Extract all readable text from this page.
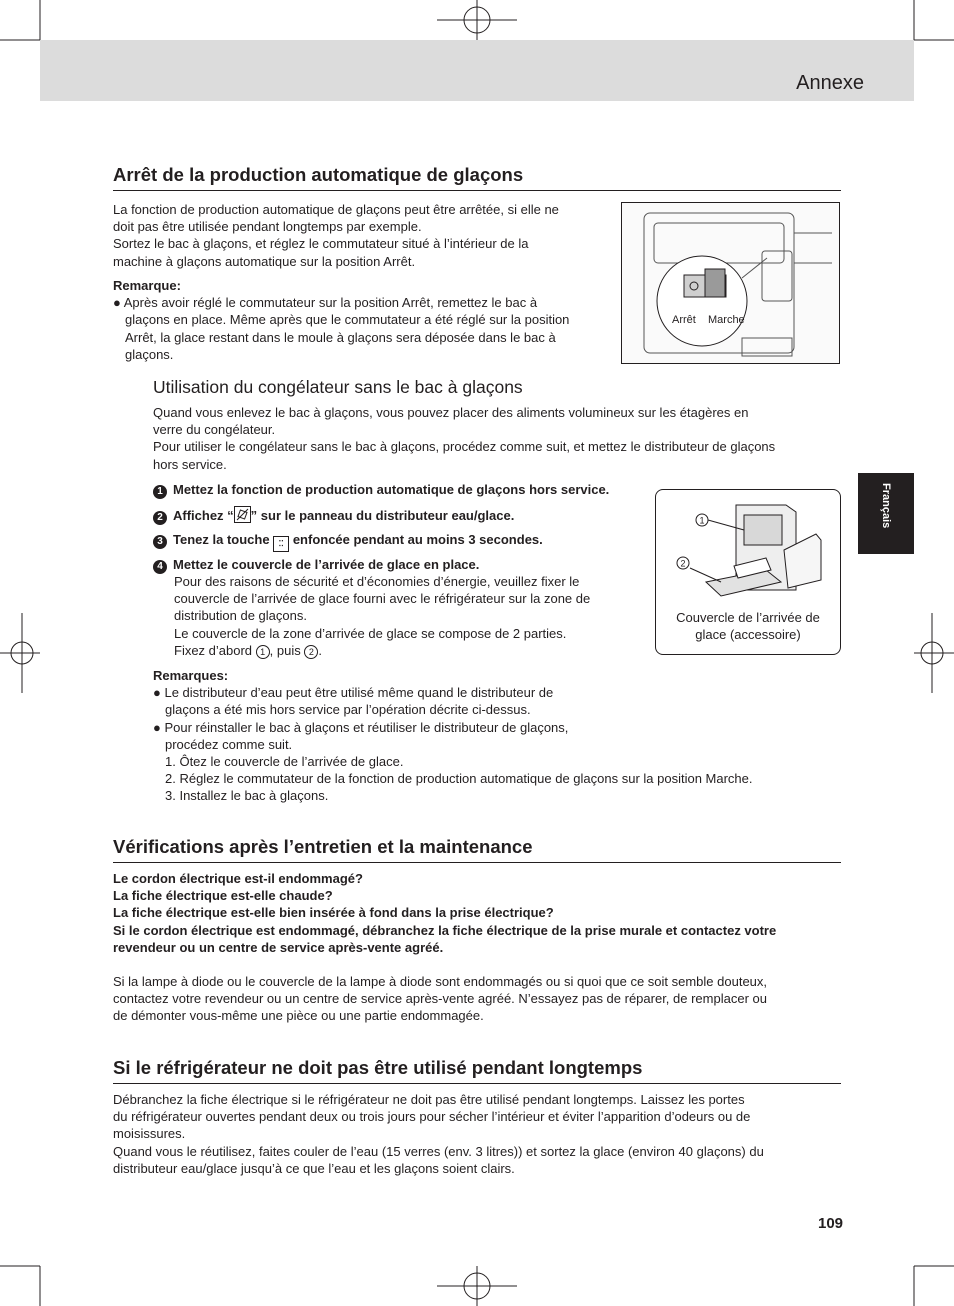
Annexe
Français
Arrêt de la production automatique de glaçons
La fonction de production automatique de glaçons peut être arrêtée, si elle ne
doit pas être utilisée pendant longtemps par exemple.
Sortez le bac à glaçons, et réglez le commutateur situé à l’intérieur de la
machine à glaçons automatique sur la position Arrêt.
Remarque:
● Après avoir réglé le commutateur sur la position Arrêt, remettez le bac à
glaçons en place. Même après que le commutateur a été réglé sur la position
Arrêt, la glace restant dans le moule à glaçons sera déposée dans le bac à
glaçons.
Arrêt Marche
Utilisation du congélateur sans le bac à glaçons
Quand vous enlevez le bac à glaçons, vous pouvez placer des aliments volumineux sur les étagères en
verre du congélateur.
Pour utiliser le congélateur sans le bac à glaçons, procédez comme suit, et mettez le distributeur de glaçons
hors service.
1 Mettez la fonction de production automatique de glaçons hors service.
2 Affichez “ ” sur le panneau du distributeur eau/glace.
3 Tenez la touche ⁚⁚ enfoncée pendant au moins 3 secondes.
4 Mettez le couvercle de l’arrivée de glace en place.
Pour des raisons de sécurité et d’économies d’énergie, veuillez fixer le
couvercle de l’arrivée de glace fourni avec le réfrigérateur sur la zone de
distribution de glaçons.
Le couvercle de la zone d’arrivée de glace se compose de 2 parties.
Fixez d’abord 1 , puis 2 .
1
2
Couvercle de l’arrivée de
glace (accessoire)
Remarques:
● Le distributeur d’eau peut être utilisé même quand le distributeur de
glaçons a été mis hors service par l’opération décrite ci-dessus.
● Pour réinstaller le bac à glaçons et réutiliser le distributeur de glaçons,
procédez comme suit.
1. Ôtez le couvercle de l’arrivée de glace.
2. Réglez le commutateur de la fonction de production automatique de glaçons sur la position Marche.
3. Installez le bac à glaçons.
Vérifications après l’entretien et la maintenance
Le cordon électrique est-il endommagé?
La fiche électrique est-elle chaude?
La fiche électrique est-elle bien insérée à fond dans la prise électrique?
Si le cordon électrique est endommagé, débranchez la fiche électrique de la prise murale et contactez votre
revendeur ou un centre de service après-vente agréé.
Si la lampe à diode ou le couvercle de la lampe à diode sont endommagés ou si quoi que ce soit semble douteux,
contactez votre revendeur ou un centre de service après-vente agréé. N’essayez pas de réparer, de remplacer ou
de démonter vous-même une pièce ou une partie endommagée.
Si le réfrigérateur ne doit pas être utilisé pendant longtemps
Débranchez la fiche électrique si le réfrigérateur ne doit pas être utilisé pendant longtemps. Laissez les portes
du réfrigérateur ouvertes pendant deux ou trois jours pour sécher l’intérieur et éviter l’apparition d’odeurs ou de
moisissures.
Quand vous le réutilisez, faites couler de l’eau (15 verres (env. 3 litres)) et sortez la glace (environ 40 glaçons) du
distributeur eau/glace jusqu’à ce que l’eau et les glaçons soient clairs.
109
